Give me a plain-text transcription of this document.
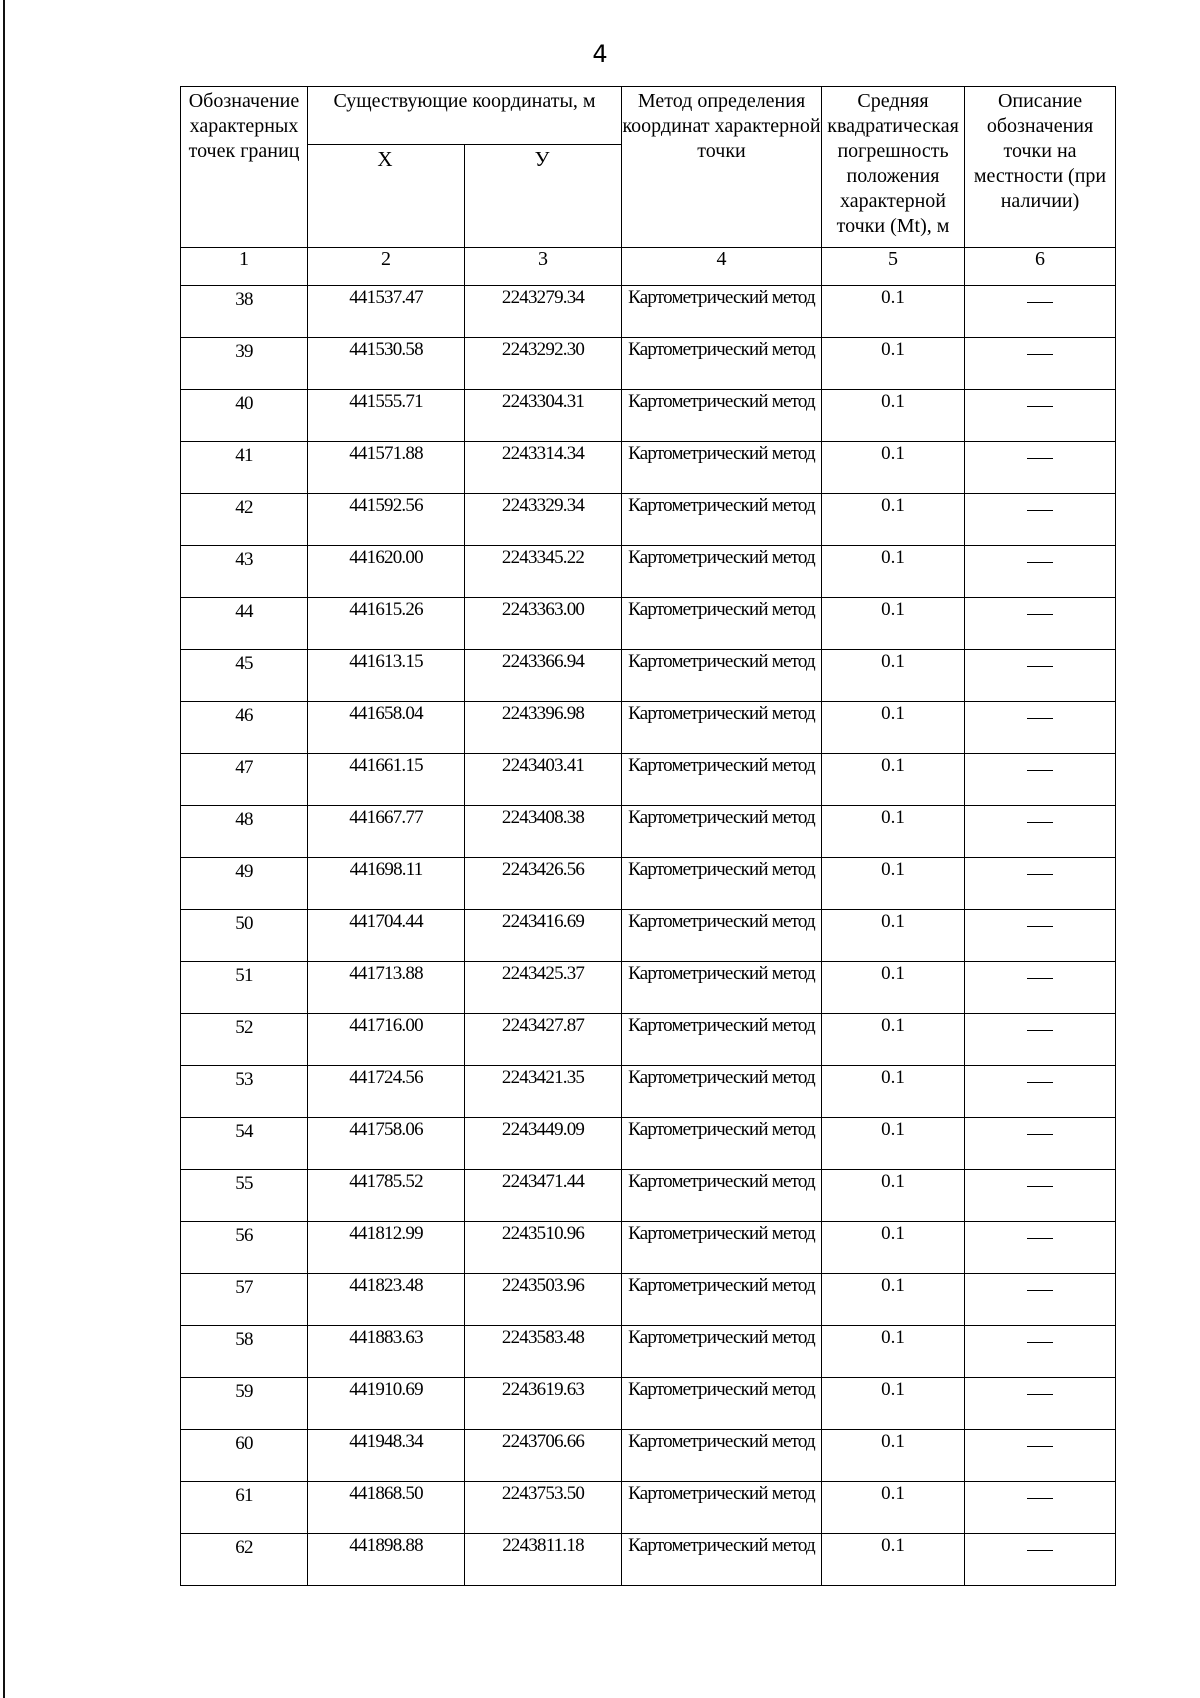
4
Обозначение характерных точек границ	Существующие координаты, м		Метод определения координат характерной точки	Средняя квадратическая погрешность положения характерной точки (Mt), м	Описание обозначения точки на местности (при наличии)
	Х	У			
1	2	3	4	5	6
38	441537.47	2243279.34	Картометрический метод	0.1	
39	441530.58	2243292.30	Картометрический метод	0.1	
40	441555.71	2243304.31	Картометрический метод	0.1	
41	441571.88	2243314.34	Картометрический метод	0.1	
42	441592.56	2243329.34	Картометрический метод	0.1	
43	441620.00	2243345.22	Картометрический метод	0.1	
44	441615.26	2243363.00	Картометрический метод	0.1	
45	441613.15	2243366.94	Картометрический метод	0.1	
46	441658.04	2243396.98	Картометрический метод	0.1	
47	441661.15	2243403.41	Картометрический метод	0.1	
48	441667.77	2243408.38	Картометрический метод	0.1	
49	441698.11	2243426.56	Картометрический метод	0.1	
50	441704.44	2243416.69	Картометрический метод	0.1	
51	441713.88	2243425.37	Картометрический метод	0.1	
52	441716.00	2243427.87	Картометрический метод	0.1	
53	441724.56	2243421.35	Картометрический метод	0.1	
54	441758.06	2243449.09	Картометрический метод	0.1	
55	441785.52	2243471.44	Картометрический метод	0.1	
56	441812.99	2243510.96	Картометрический метод	0.1	
57	441823.48	2243503.96	Картометрический метод	0.1	
58	441883.63	2243583.48	Картометрический метод	0.1	
59	441910.69	2243619.63	Картометрический метод	0.1	
60	441948.34	2243706.66	Картометрический метод	0.1	
61	441868.50	2243753.50	Картометрический метод	0.1	
62	441898.88	2243811.18	Картометрический метод	0.1	
